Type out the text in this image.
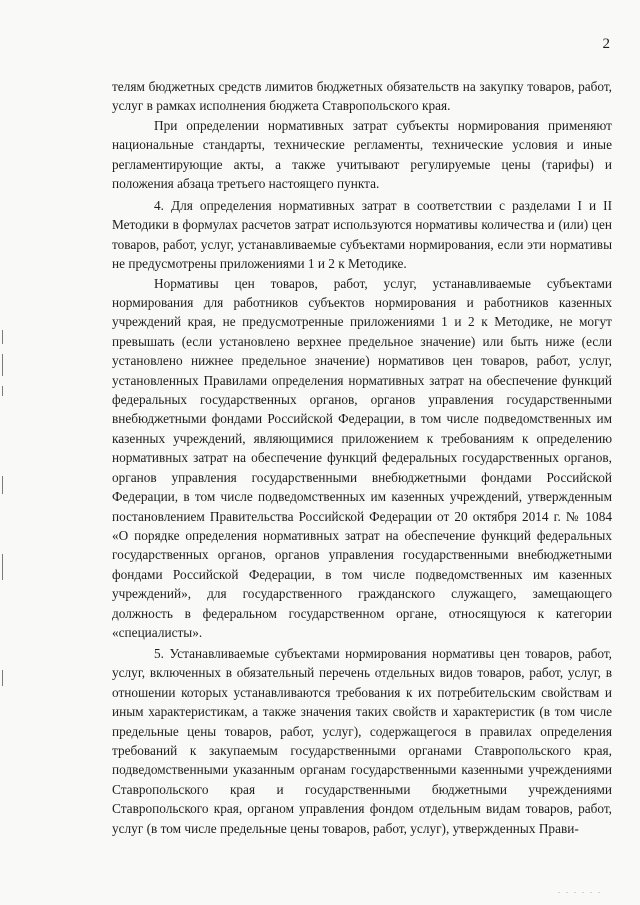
2

телям бюджетных средств лимитов бюджетных обязательств на закупку товаров, работ, услуг в рамках исполнения бюджета Ставропольского края.

При определении нормативных затрат субъекты нормирования применяют национальные стандарты, технические регламенты, технические условия и иные регламентирующие акты, а также учитывают регулируемые цены (тарифы) и положения абзаца третьего настоящего пункта.

4. Для определения нормативных затрат в соответствии с разделами I и II Методики в формулах расчетов затрат используются нормативы количества и (или) цен товаров, работ, услуг, устанавливаемые субъектами нормирования, если эти нормативы не предусмотрены приложениями 1 и 2 к Методике.

Нормативы цен товаров, работ, услуг, устанавливаемые субъектами нормирования для работников субъектов нормирования и работников казенных учреждений края, не предусмотренные приложениями 1 и 2 к Методике, не могут превышать (если установлено верхнее предельное значение) или быть ниже (если установлено нижнее предельное значение) нормативов цен товаров, работ, услуг, установленных Правилами определения нормативных затрат на обеспечение функций федеральных государственных органов, органов управления государственными внебюджетными фондами Российской Федерации, в том числе подведомственных им казенных учреждений, являющимися приложением к требованиям к определению нормативных затрат на обеспечение функций федеральных государственных органов, органов управления государственными внебюджетными фондами Российской Федерации, в том числе подведомственных им казенных учреждений, утвержденным постановлением Правительства Российской Федерации от 20 октября 2014 г. № 1084 «О порядке определения нормативных затрат на обеспечение функций федеральных государственных органов, органов управления государственными внебюджетными фондами Российской Федерации, в том числе подведомственных им казенных учреждений», для государственного гражданского служащего, замещающего должность в федеральном государственном органе, относящуюся к категории «специалисты».

5. Устанавливаемые субъектами нормирования нормативы цен товаров, работ, услуг, включенных в обязательный перечень отдельных видов товаров, работ, услуг, в отношении которых устанавливаются требования к их потребительским свойствам и иным характеристикам, а также значения таких свойств и характеристик (в том числе предельные цены товаров, работ, услуг), содержащегося в правилах определения требований к закупаемым государственными органами Ставропольского края, подведомственными указанным органам государственными казенными учреждениями Ставропольского края и государственными бюджетными учреждениями Ставропольского края, органом управления фондом отдельным видам товаров, работ, услуг (в том числе предельные цены товаров, работ, услуг), утвержденных Прави-

. . . . . .
